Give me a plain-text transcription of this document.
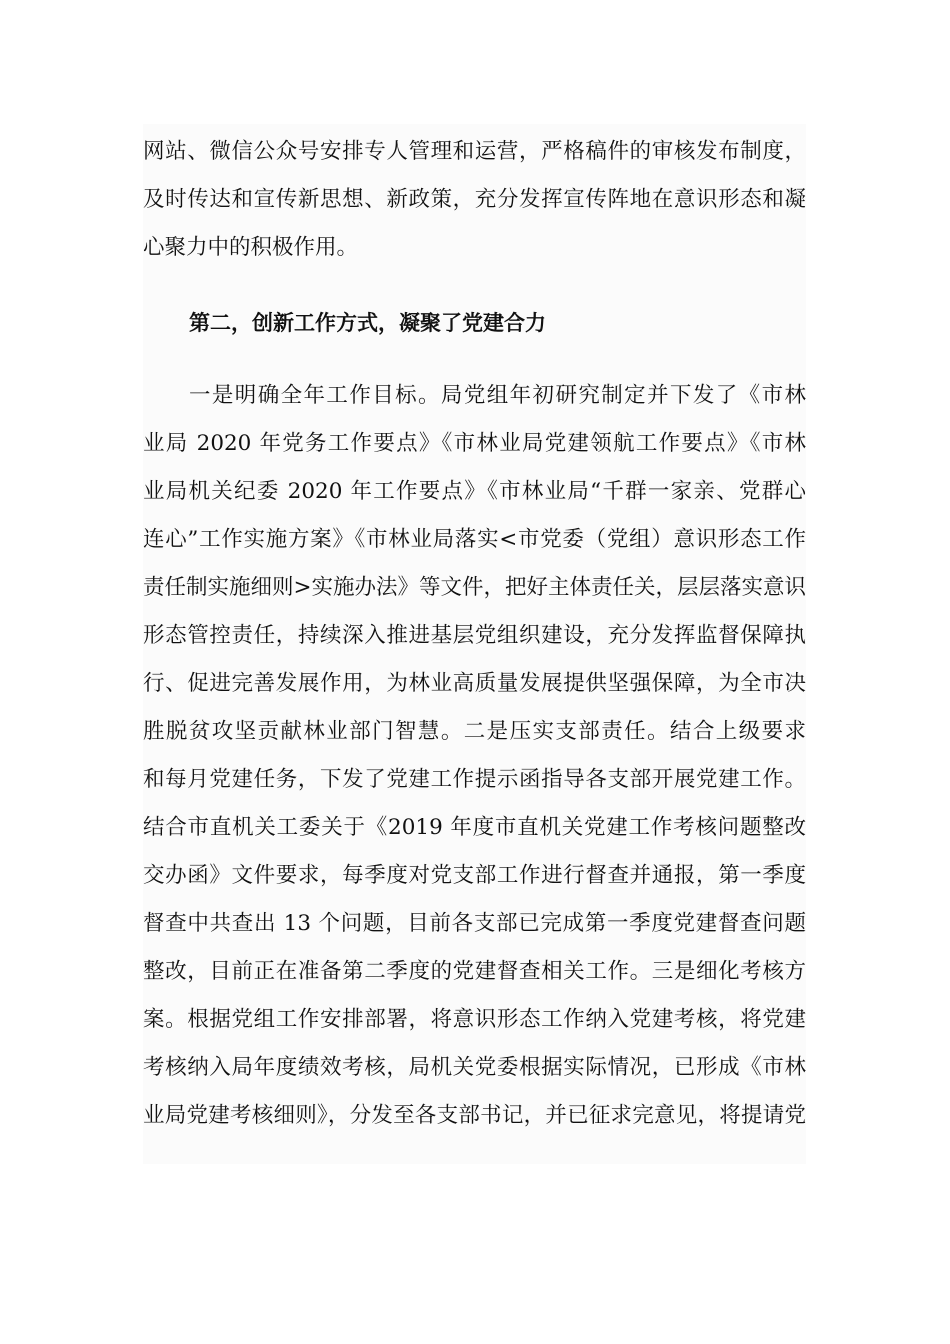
网站、微信公众号安排专人管理和运营，严格稿件的审核发布制度，
及时传达和宣传新思想、新政策，充分发挥宣传阵地在意识形态和凝
心聚力中的积极作用。
第二，创新工作方式，凝聚了党建合力
一是明确全年工作目标。局党组年初研究制定并下发了《市林
业局 2020 年党务工作要点》《市林业局党建领航工作要点》《市林
业局机关纪委 2020 年工作要点》《市林业局“千群一家亲、党群心
连心”工作实施方案》《市林业局落实<市党委（党组）意识形态工作
责任制实施细则>实施办法》等文件，把好主体责任关，层层落实意识
形态管控责任，持续深入推进基层党组织建设，充分发挥监督保障执
行、促进完善发展作用，为林业高质量发展提供坚强保障，为全市决
胜脱贫攻坚贡献林业部门智慧。二是压实支部责任。结合上级要求
和每月党建任务，下发了党建工作提示函指导各支部开展党建工作。
结合市直机关工委关于《2019 年度市直机关党建工作考核问题整改
交办函》文件要求，每季度对党支部工作进行督查并通报，第一季度
督查中共查出 13 个问题，目前各支部已完成第一季度党建督查问题
整改，目前正在准备第二季度的党建督查相关工作。三是细化考核方
案。根据党组工作安排部署，将意识形态工作纳入党建考核，将党建
考核纳入局年度绩效考核，局机关党委根据实际情况，已形成《市林
业局党建考核细则》，分发至各支部书记，并已征求完意见，将提请党
